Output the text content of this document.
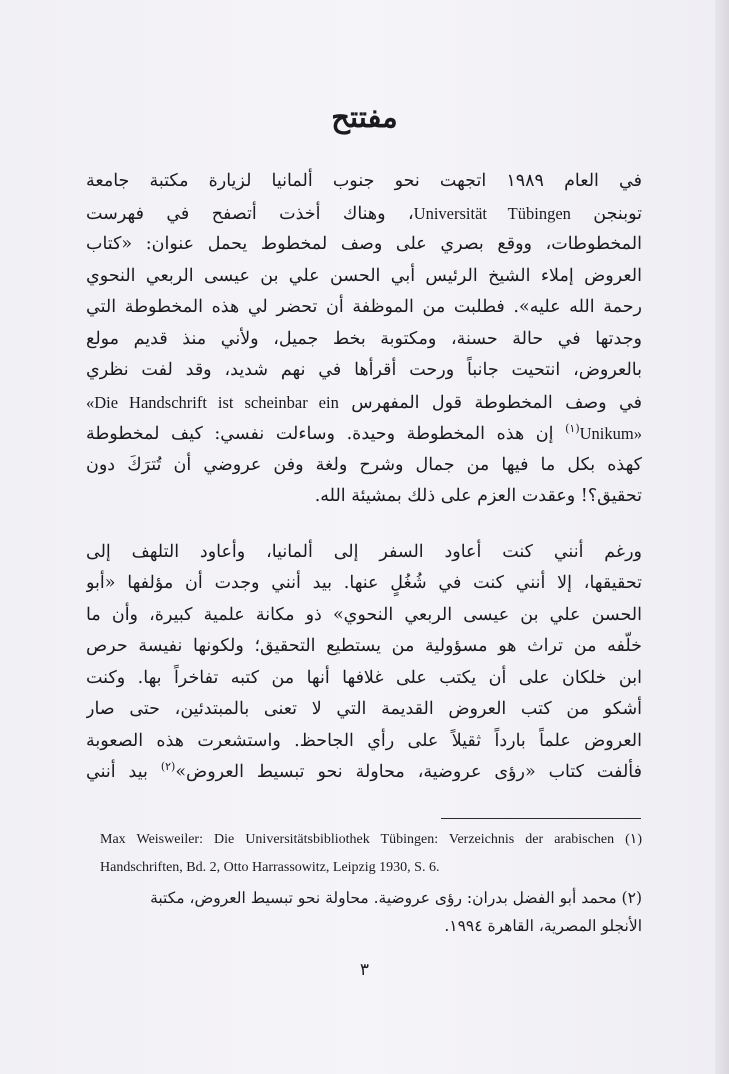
مفتتح
في العام ١٩٨٩ اتجهت نحو جنوب ألمانيا لزيارة مكتبة جامعة
توبنجن Universität Tübingen، وهناك أخذت أتصفح في فهرست
المخطوطات، ووقع بصري على وصف لمخطوط يحمل عنوان: «كتاب
العروض إملاء الشيخ الرئيس أبي الحسن علي بن عيسى الربعي النحوي
رحمة الله عليه». فطلبت من الموظفة أن تحضر لي هذه المخطوطة التي
وجدتها في حالة حسنة، ومكتوبة بخط جميل، ولأني منذ قديم مولع
بالعروض، انتحيت جانباً ورحت أقرأها في نهم شديد، وقد لفت نظري
في وصف المخطوطة قول المفهرس «Die Handschrift ist scheinbar ein
Unikum»$^{(١)}$ إن هذه المخطوطة وحيدة. وساءلت نفسي: كيف لمخطوطة
كهذه بكل ما فيها من جمال وشرح ولغة وفن عروضي أن تُترَكَ دون
تحقيق؟! وعقدت العزم على ذلك بمشيئة الله.
ورغم أنني كنت أعاود السفر إلى ألمانيا، وأعاود التلهف إلى
تحقيقها، إلا أنني كنت في شُغُلٍ عنها. بيد أنني وجدت أن مؤلفها «أبو
الحسن علي بن عيسى الربعي النحوي» ذو مكانة علمية كبيرة، وأن ما
خلّفه من تراث هو مسؤولية من يستطيع التحقيق؛ ولكونها نفيسة حرص
ابن خلكان على أن يكتب على غلافها أنها من كتبه تفاخراً بها. وكنت
أشكو من كتب العروض القديمة التي لا تعنى بالمبتدئين، حتى صار
العروض علماً بارداً ثقيلاً على رأي الجاحظ. واستشعرت هذه الصعوبة
فألفت كتاب «رؤى عروضية، محاولة نحو تبسيط العروض»$^{(٢)}$ بيد أنني
Max Weisweiler: Die Universitätsbibliothek Tübingen: Verzeichnis der arabischen (١)
Handschriften, Bd. 2, Otto Harrassowitz, Leipzig 1930, S. 6.
(٢) محمد أبو الفضل بدران: رؤى عروضية. محاولة نحو تبسيط العروض، مكتبة
الأنجلو المصرية، القاهرة ١٩٩٤.
٣
